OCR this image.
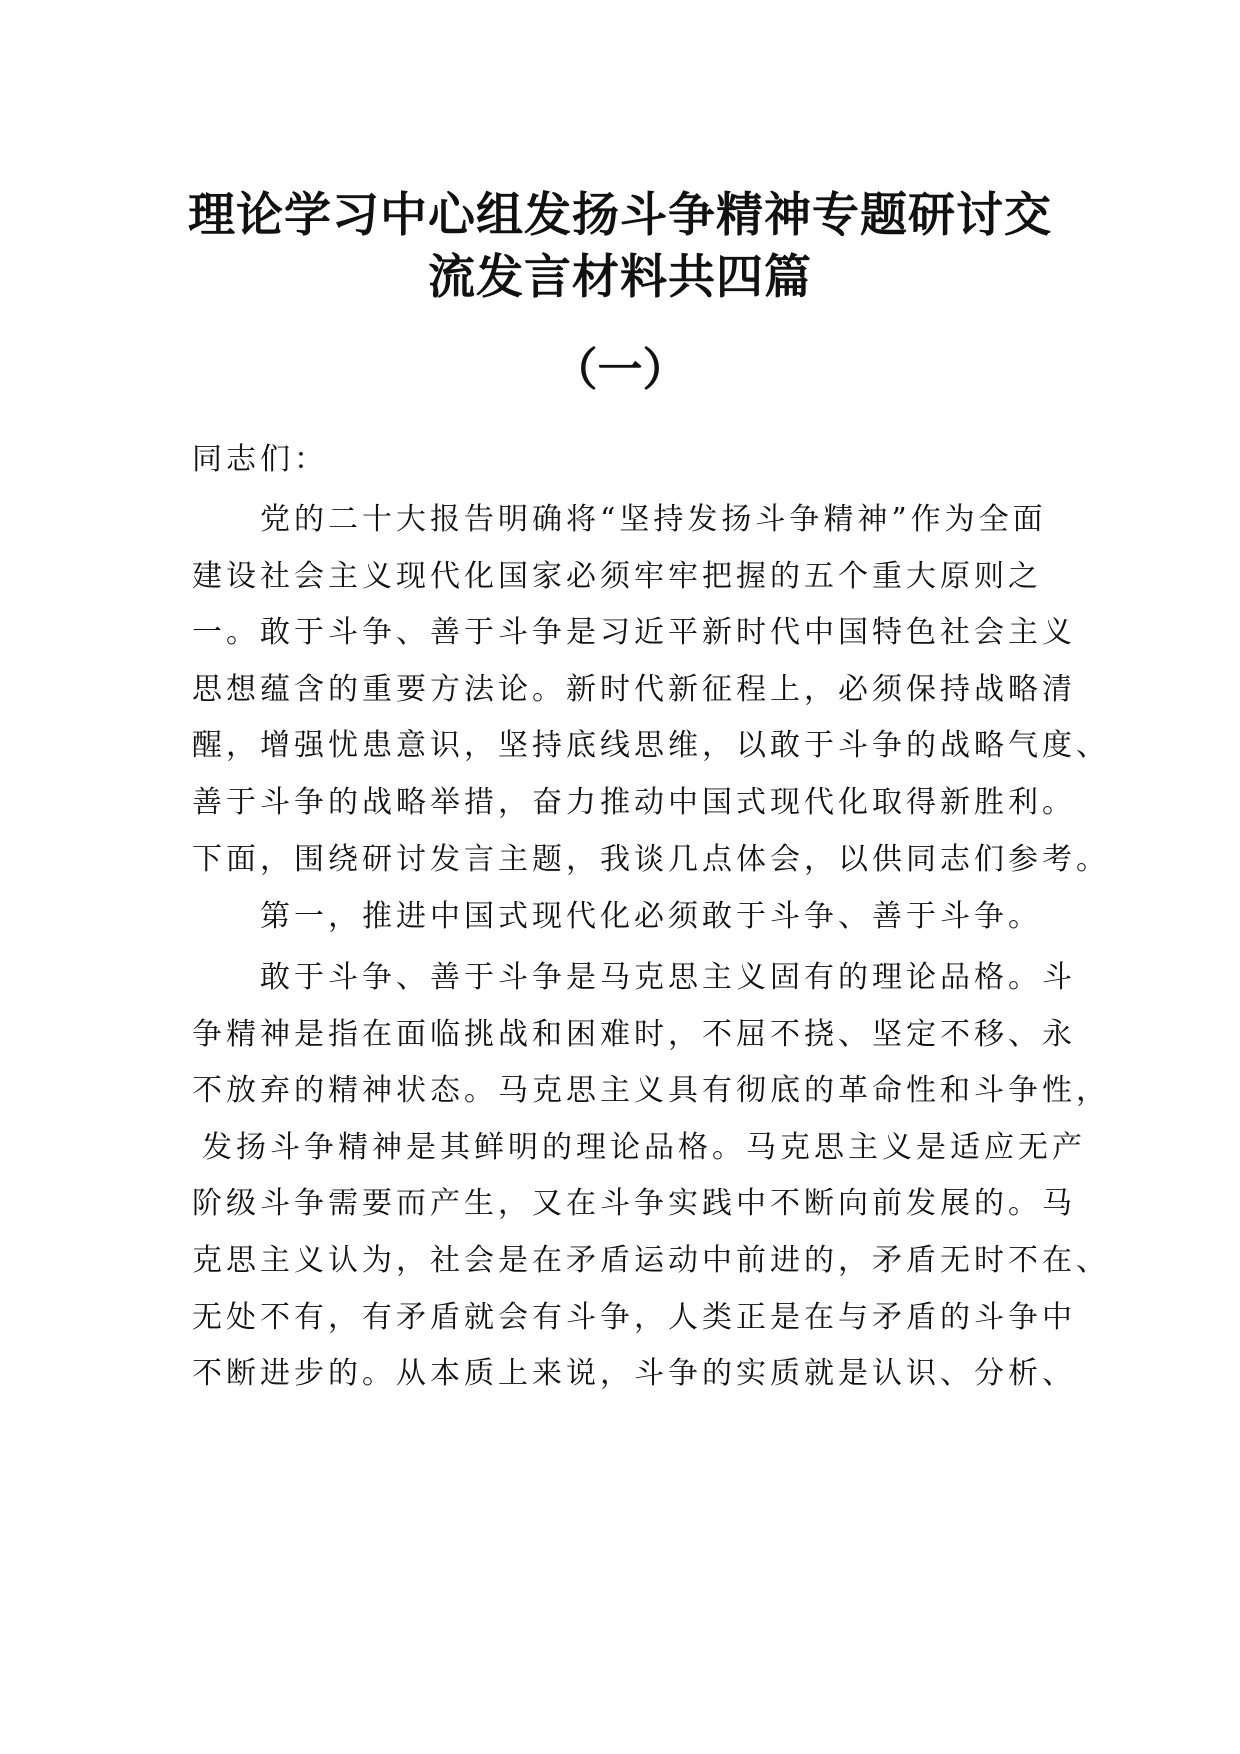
理论学习中心组发扬斗争精神专题研讨交
流发言材料共四篇
（一）
同志们：
党的二十大报告明确将“坚持发扬斗争精神”作为全面
建设社会主义现代化国家必须牢牢把握的五个重大原则之
一。敢于斗争、善于斗争是习近平新时代中国特色社会主义
思想蕴含的重要方法论。新时代新征程上，必须保持战略清
醒，增强忧患意识，坚持底线思维，以敢于斗争的战略气度、
善于斗争的战略举措，奋力推动中国式现代化取得新胜利。
下面，围绕研讨发言主题，我谈几点体会，以供同志们参考。
第一，推进中国式现代化必须敢于斗争、善于斗争。
敢于斗争、善于斗争是马克思主义固有的理论品格。斗
争精神是指在面临挑战和困难时，不屈不挠、坚定不移、永
不放弃的精神状态。马克思主义具有彻底的革命性和斗争性，
发扬斗争精神是其鲜明的理论品格。马克思主义是适应无产
阶级斗争需要而产生，又在斗争实践中不断向前发展的。马
克思主义认为，社会是在矛盾运动中前进的，矛盾无时不在、
无处不有，有矛盾就会有斗争，人类正是在与矛盾的斗争中
不断进步的。从本质上来说，斗争的实质就是认识、分析、
